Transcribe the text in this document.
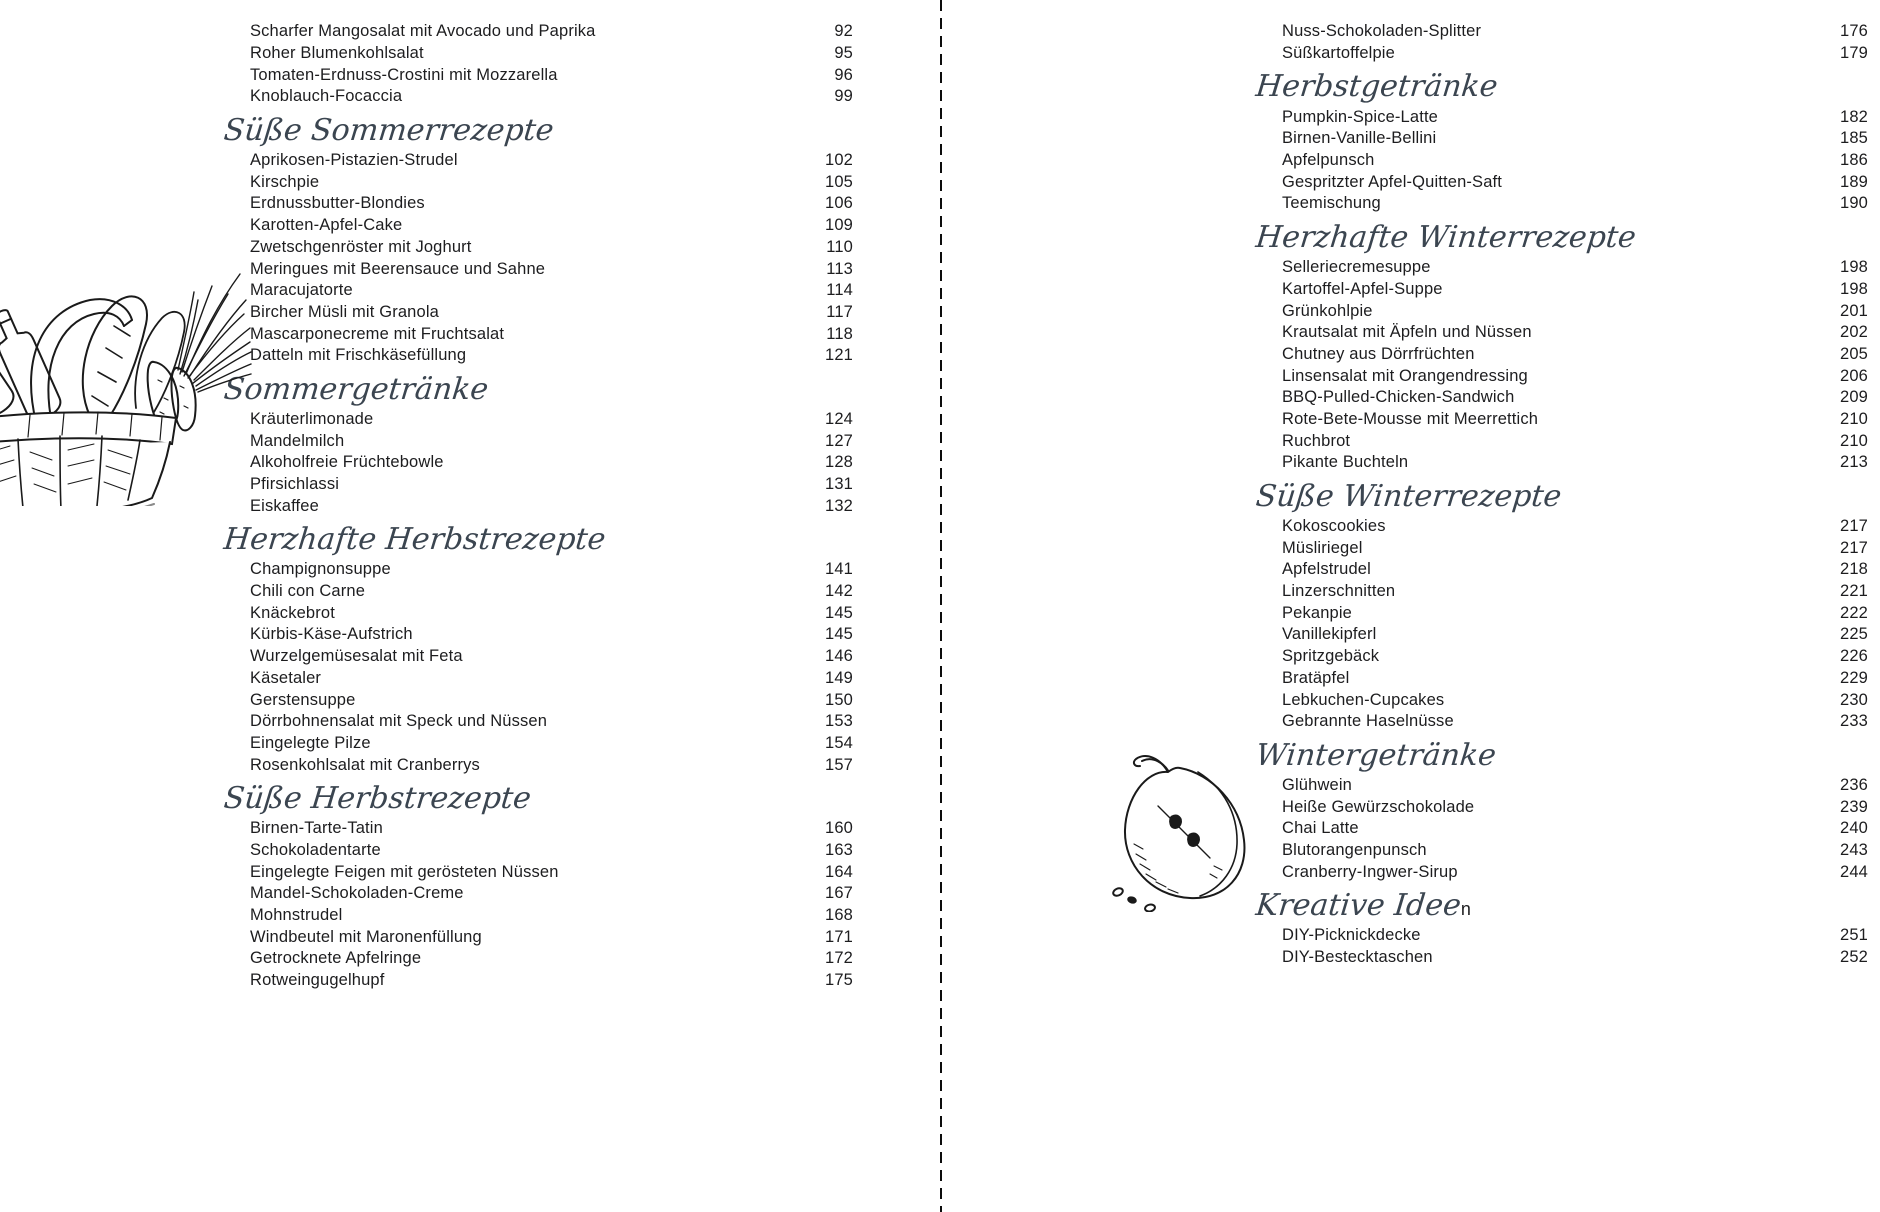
Scharfer Mangosalat mit Avocado und Paprika	92
Roher Blumenkohlsalat	95
Tomaten-Erdnuss-Crostini mit Mozzarella	96
Knoblauch-Focaccia	99
Süße Sommerrezepte
Aprikosen-Pistazien-Strudel	102
Kirschpie	105
Erdnussbutter-Blondies	106
Karotten-Apfel-Cake	109
Zwetschgenröster mit Joghurt	110
Meringues mit Beerensauce und Sahne	113
Maracujatorte	114
Bircher Müsli mit Granola	117
Mascarponecreme mit Fruchtsalat	118
Datteln mit Frischkäsefüllung	121
Sommergetränke
Kräuterlimonade	124
Mandelmilch	127
Alkoholfreie Früchtebowle	128
Pfirsichlassi	131
Eiskaffee	132
Herzhafte Herbstrezepte
Champignonsuppe	141
Chili con Carne	142
Knäckebrot	145
Kürbis-Käse-Aufstrich	145
Wurzelgemüsesalat mit Feta	146
Käsetaler	149
Gerstensuppe	150
Dörrbohnensalat mit Speck und Nüssen	153
Eingelegte Pilze	154
Rosenkohlsalat mit Cranberrys	157
Süße Herbstrezepte
Birnen-Tarte-Tatin	160
Schokoladentarte	163
Eingelegte Feigen mit gerösteten Nüssen	164
Mandel-Schokoladen-Creme	167
Mohnstrudel	168
Windbeutel mit Maronenfüllung	171
Getrocknete Apfelringe	172
Rotweingugelhupf	175
Nuss-Schokoladen-Splitter	176
Süßkartoffelpie	179
Herbstgetränke
Pumpkin-Spice-Latte	182
Birnen-Vanille-Bellini	185
Apfelpunsch	186
Gespritzter Apfel-Quitten-Saft	189
Teemischung	190
Herzhafte Winterrezepte
Selleriecremesuppe	198
Kartoffel-Apfel-Suppe	198
Grünkohlpie	201
Krautsalat mit Äpfeln und Nüssen	202
Chutney aus Dörrfrüchten	205
Linsensalat mit Orangendressing	206
BBQ-Pulled-Chicken-Sandwich	209
Rote-Bete-Mousse mit Meerrettich	210
Ruchbrot	210
Pikante Buchteln	213
Süße Winterrezepte
Kokoscookies	217
Müsliriegel	217
Apfelstrudel	218
Linzerschnitten	221
Pekanpie	222
Vanillekipferl	225
Spritzgebäck	226
Bratäpfel	229
Lebkuchen-Cupcakes	230
Gebrannte Haselnüsse	233
Wintergetränke
Glühwein	236
Heiße Gewürzschokolade	239
Chai Latte	240
Blutorangenpunsch	243
Cranberry-Ingwer-Sirup	244
Kreative Idee
n
DIY-Picknickdecke	251
DIY-Bestecktaschen	252
